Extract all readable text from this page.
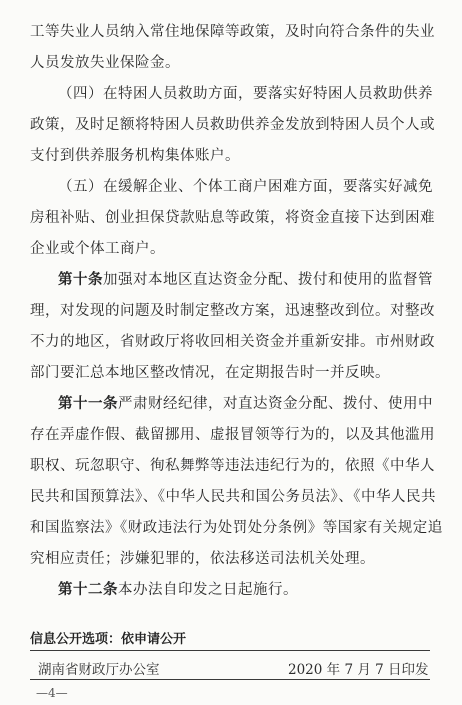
工等失业人员纳入常住地保障等政策，及时向符合条件的失业
人员发放失业保险金。
（四）在特困人员救助方面，要落实好特困人员救助供养
政策，及时足额将特困人员救助供养金发放到特困人员个人或
支付到供养服务机构集体账户。
（五）在缓解企业、个体工商户困难方面，要落实好减免
房租补贴、创业担保贷款贴息等政策，将资金直接下达到困难
企业或个体工商户。
第十条加强对本地区直达资金分配、拨付和使用的监督管
理，对发现的问题及时制定整改方案，迅速整改到位。对整改
不力的地区，省财政厅将收回相关资金并重新安排。市州财政
部门要汇总本地区整改情况，在定期报告时一并反映。
第十一条严肃财经纪律，对直达资金分配、拨付、使用中
存在弄虚作假、截留挪用、虚报冒领等行为的，以及其他滥用
职权、玩忽职守、徇私舞弊等违法违纪行为的，依照《中华人
民共和国预算法》、《中华人民共和国公务员法》、《中华人民共
和国监察法》《财政违法行为处罚处分条例》等国家有关规定追
究相应责任；涉嫌犯罪的，依法移送司法机关处理。
第十二条本办法自印发之日起施行。
信息公开选项：依申请公开
湖南省财政厅办公室	2020 年 7 月 7 日印发
—4—
